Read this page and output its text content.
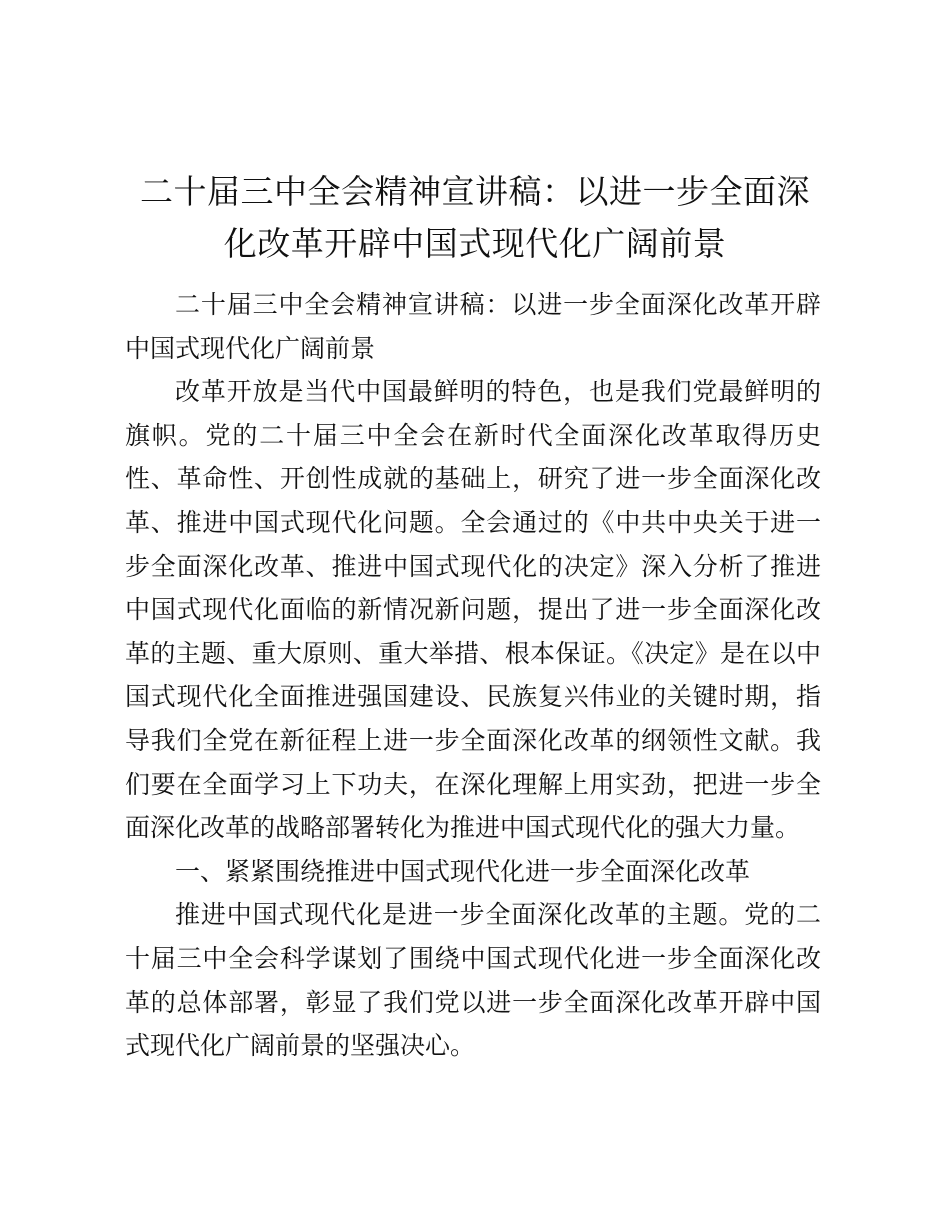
二十届三中全会精神宣讲稿：以进一步全面深化改革开辟中国式现代化广阔前景

二十届三中全会精神宣讲稿：以进一步全面深化改革开辟中国式现代化广阔前景

改革开放是当代中国最鲜明的特色，也是我们党最鲜明的旗帜。党的二十届三中全会在新时代全面深化改革取得历史性、革命性、开创性成就的基础上，研究了进一步全面深化改革、推进中国式现代化问题。全会通过的《中共中央关于进一步全面深化改革、推进中国式现代化的决定》深入分析了推进中国式现代化面临的新情况新问题，提出了进一步全面深化改革的主题、重大原则、重大举措、根本保证。《决定》是在以中国式现代化全面推进强国建设、民族复兴伟业的关键时期，指导我们全党在新征程上进一步全面深化改革的纲领性文献。我们要在全面学习上下功夫，在深化理解上用实劲，把进一步全面深化改革的战略部署转化为推进中国式现代化的强大力量。

一、紧紧围绕推进中国式现代化进一步全面深化改革

推进中国式现代化是进一步全面深化改革的主题。党的二十届三中全会科学谋划了围绕中国式现代化进一步全面深化改革的总体部署，彰显了我们党以进一步全面深化改革开辟中国式现代化广阔前景的坚强决心。
